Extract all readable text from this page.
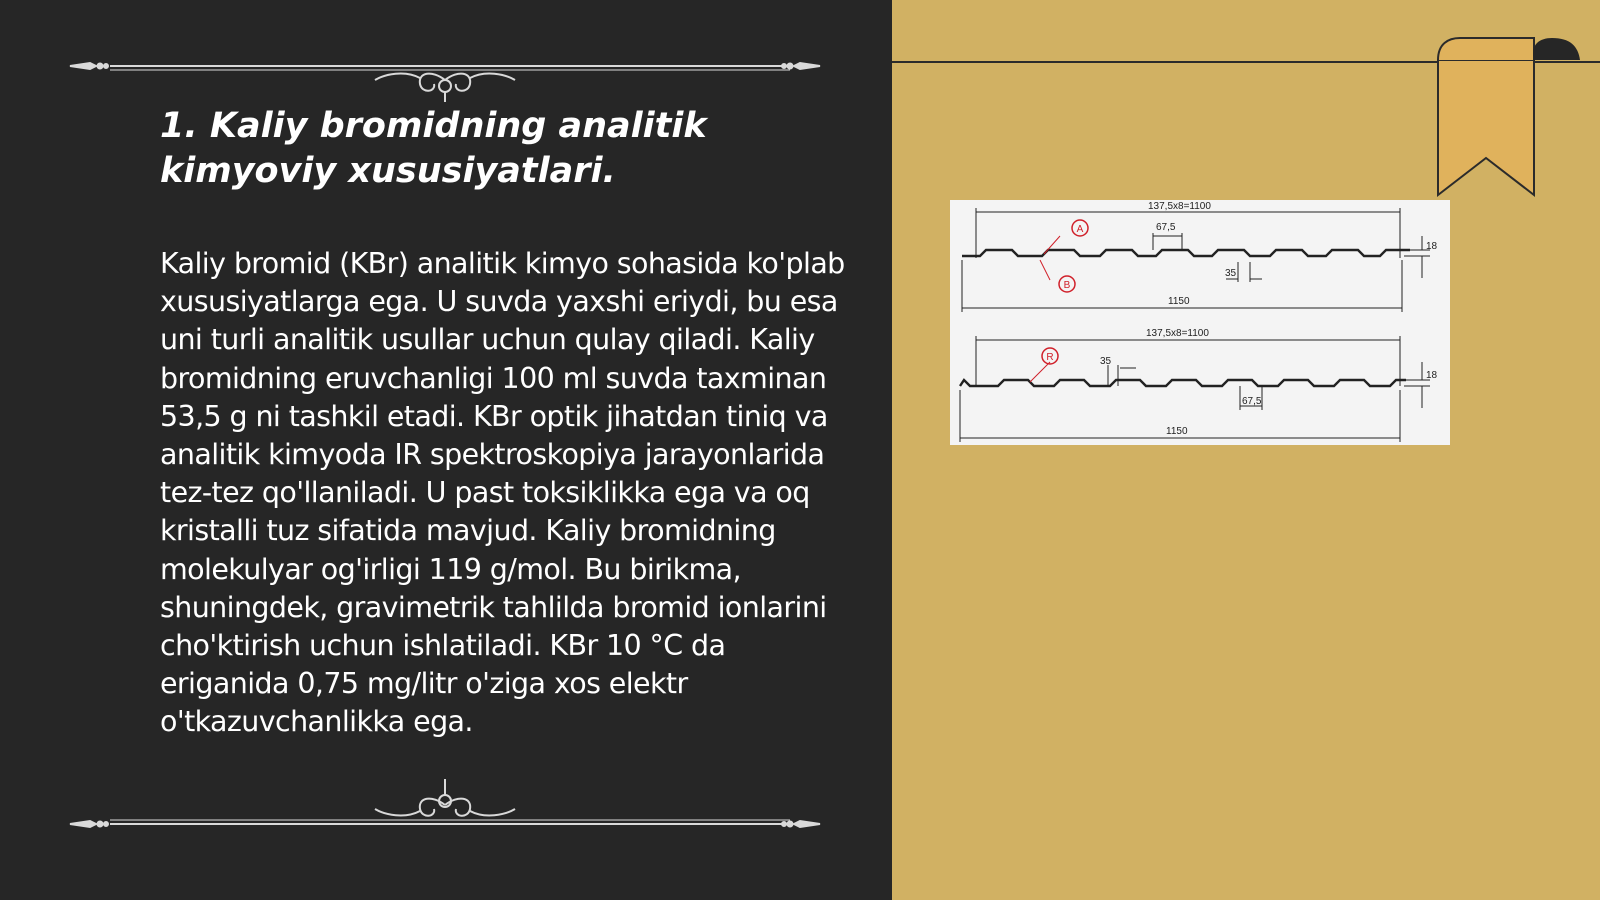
1. Kaliy bromidning analitik kimyoviy xususiyatlari.

Kaliy bromid (KBr) analitik kimyo sohasida ko'plab xususiyatlarga ega. U suvda yaxshi eriydi, bu esa uni turli analitik usullar uchun qulay qiladi. Kaliy bromidning eruvchanligi 100 ml suvda taxminan 53,5 g ni tashkil etadi. KBr optik jihatdan tiniq va analitik kimyoda IR spektroskopiya jarayonlarida tez-tez qo'llaniladi. U past toksiklikka ega va oq kristalli tuz sifatida mavjud. Kaliy bromidning molekulyar og'irligi 119 g/mol. Bu birikma, shuningdek, gravimetrik tahlilda bromid ionlarini cho'ktirish uchun ishlatiladi. KBr 10 °C da eriganida 0,75 mg/litr o'ziga xos elektr o'tkazuvchanlikka ega.

137,5x8=1100
67,5
18
35
1150
137,5x8=1100
35
18
67,5
1150
A
B
R
